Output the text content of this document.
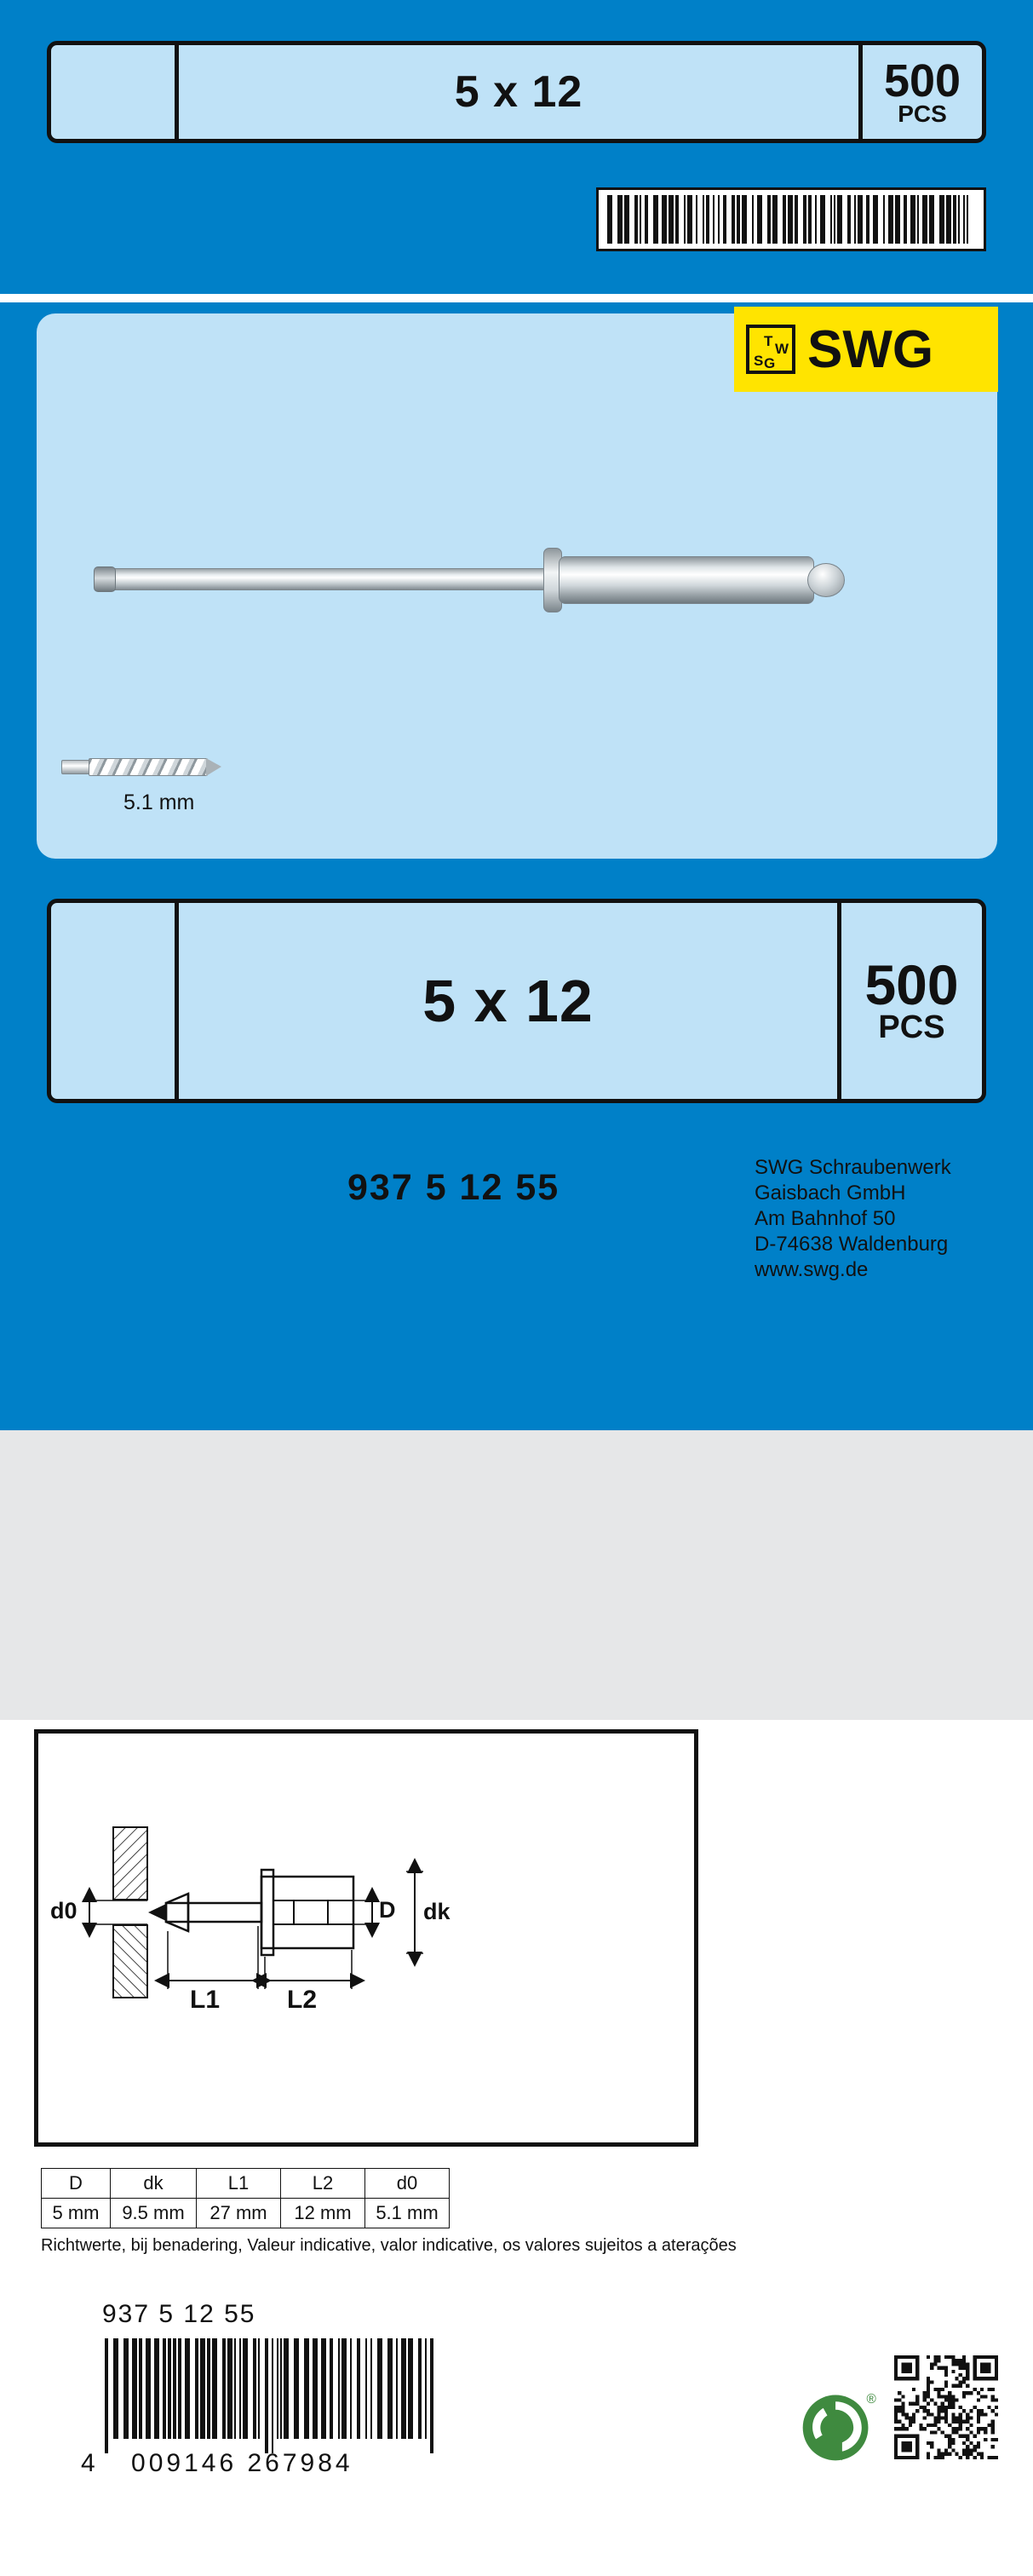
5 x 12	500
PCS
S
T W
G SWG
5.1 mm
5 x 12	500
PCS
937 5 12 55	SWG Schraubenwerk
Gaisbach GmbH
Am Bahnhof 50
D-74638 Waldenburg
www.swg.de
d0	D dk
L1	L2
D	dk	L1	L2	d0
5 mm	9.5 mm	27 mm	12 mm	5.1 mm
Richtwerte, bij benadering, Valeur indicative, valor indicative, os valores sujeitos a aterações
937 5 12 55
4 009146 267984
®
